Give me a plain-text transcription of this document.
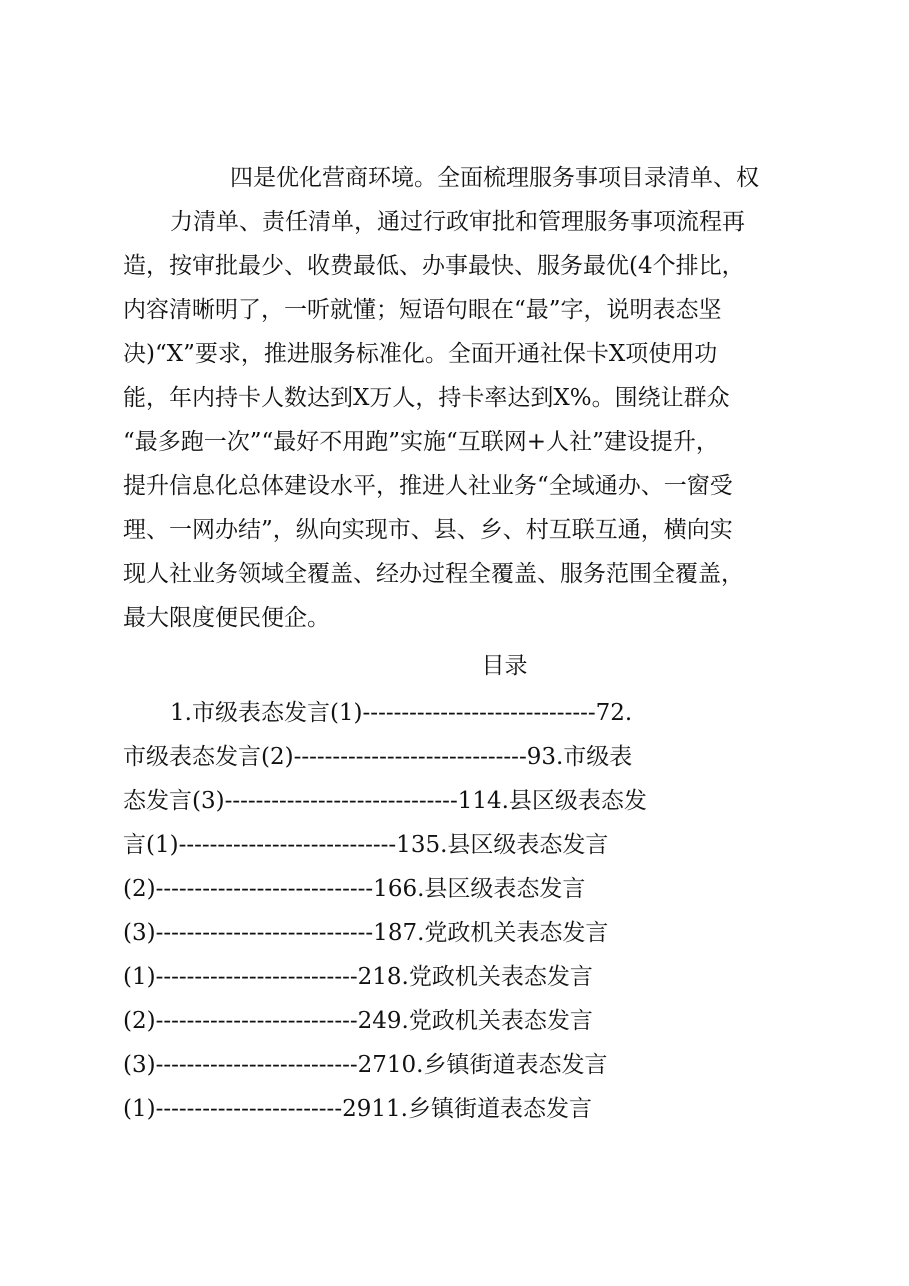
四是优化营商环境。全面梳理服务事项目录清单、权
力清单、责任清单，通过行政审批和管理服务事项流程再
造，按审批最少、收费最低、办事最快、服务最优(4个排比，
内容清晰明了，一听就懂；短语句眼在“最”字，说明表态坚
决)“X”要求，推进服务标准化。全面开通社保卡X项使用功
能，年内持卡人数达到X万人，持卡率达到X%。围绕让群众
“最多跑一次”“最好不用跑”实施“互联网+人社”建设提升，
提升信息化总体建设水平，推进人社业务“全域通办、一窗受
理、一网办结”，纵向实现市、县、乡、村互联互通，横向实
现人社业务领域全覆盖、经办过程全覆盖、服务范围全覆盖，
最大限度便民便企。
目录
1.市级表态发言(1)------------------------------72.
市级表态发言(2)------------------------------93.市级表
态发言(3)------------------------------114.县区级表态发
言(1)----------------------------135.县区级表态发言
(2)----------------------------166.县区级表态发言
(3)----------------------------187.党政机关表态发言
(1)--------------------------218.党政机关表态发言
(2)--------------------------249.党政机关表态发言
(3)--------------------------2710.乡镇街道表态发言
(1)------------------------2911.乡镇街道表态发言
